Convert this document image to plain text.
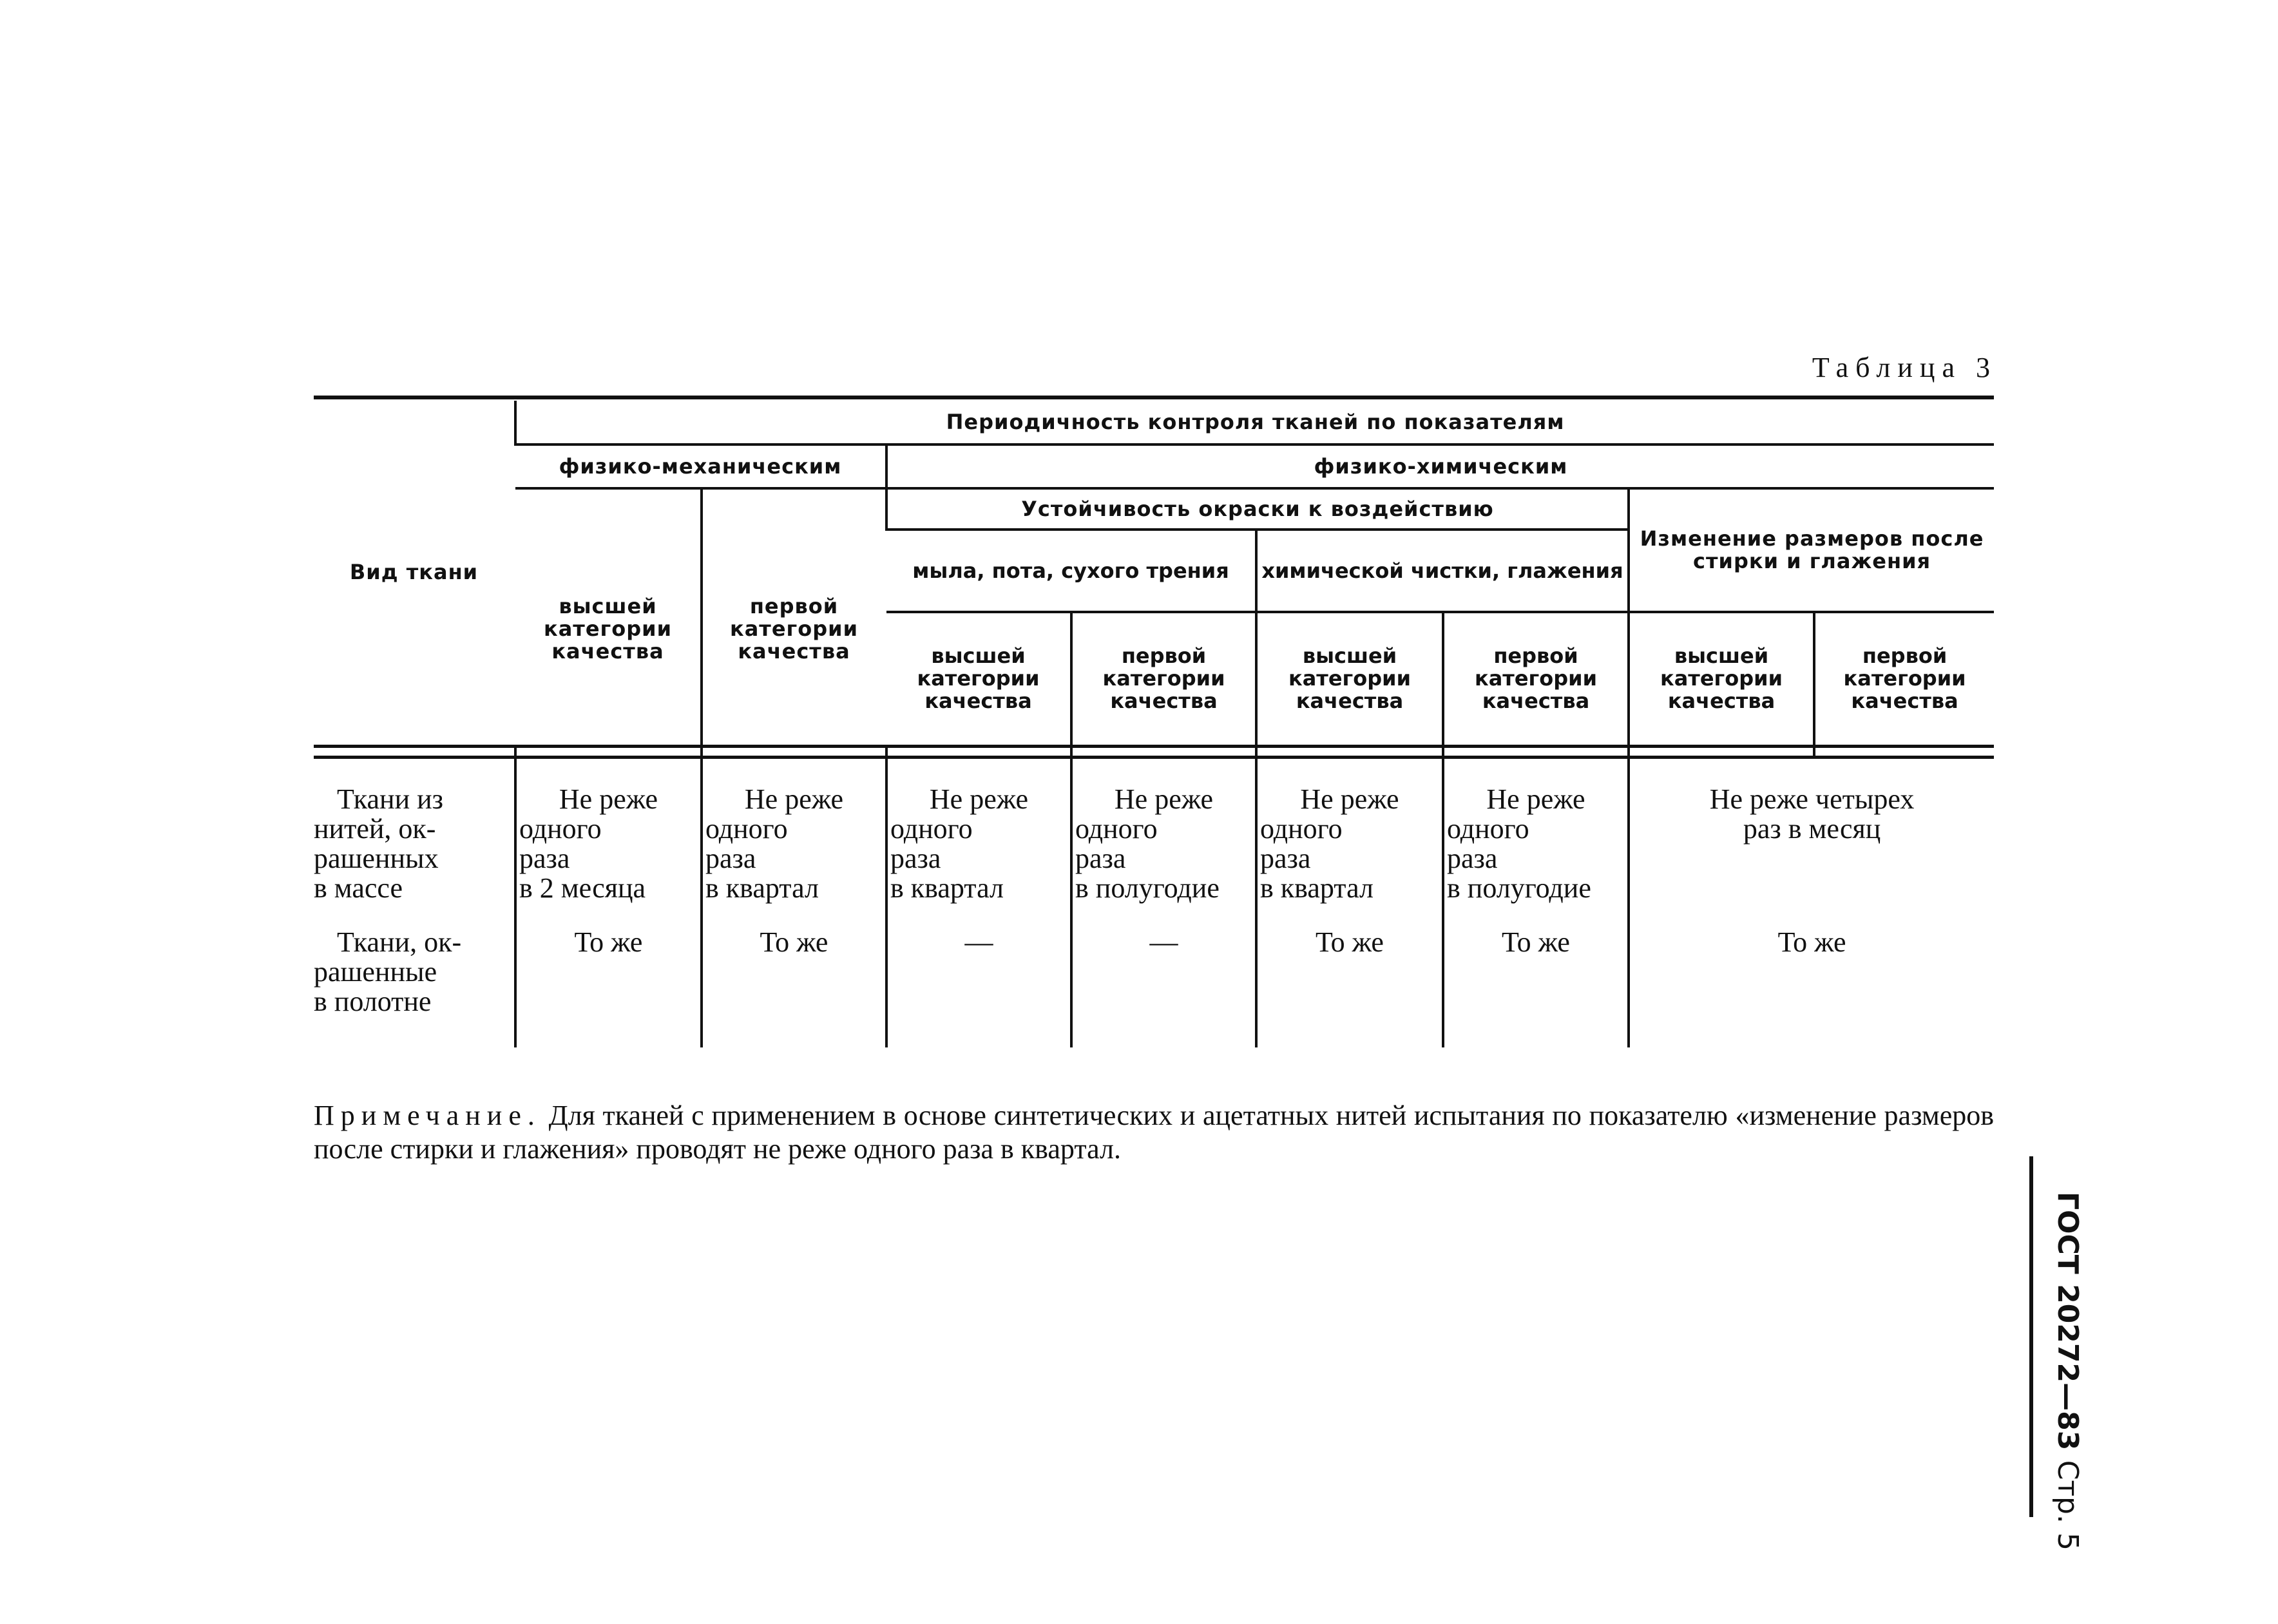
Таблица 3
Вид ткани	Периодичность контроля тканей по показателям							
	физико-механическим		физико-химическим					
	высшей категории качества	первой категории качества	Устойчивость окраски к воздействию				Изменение размеров после стирки и глажения	
			мыла, пота, сухого трения		химической чистки, глажения			
			высшей категории качества	первой категории качества	высшей категории качества	первой категории качества	высшей категории качества	первой категории качества

Ткани из
нитей, ок-
рашенных
в массе	Не реже
одного
раза
в 2 месяца	Не реже
одного
раза
в квартал	Не реже
одного
раза
в квартал	Не реже
одного
раза
в полугодие	Не реже
одного
раза
в квартал	Не реже
одного
раза
в полугодие	Не реже четырех
раз в месяц	

Ткани, ок-
рашенные
в полотне	То же	То же	—	—	То же	То же	То же	
Примечание. Для тканей с применением в основе синтетических и ацетатных нитей испытания по показателю «изменение размеров после стирки и глажения» проводят не реже одного раза в квартал.
ГОСТ 20272—83 Стр. 5
